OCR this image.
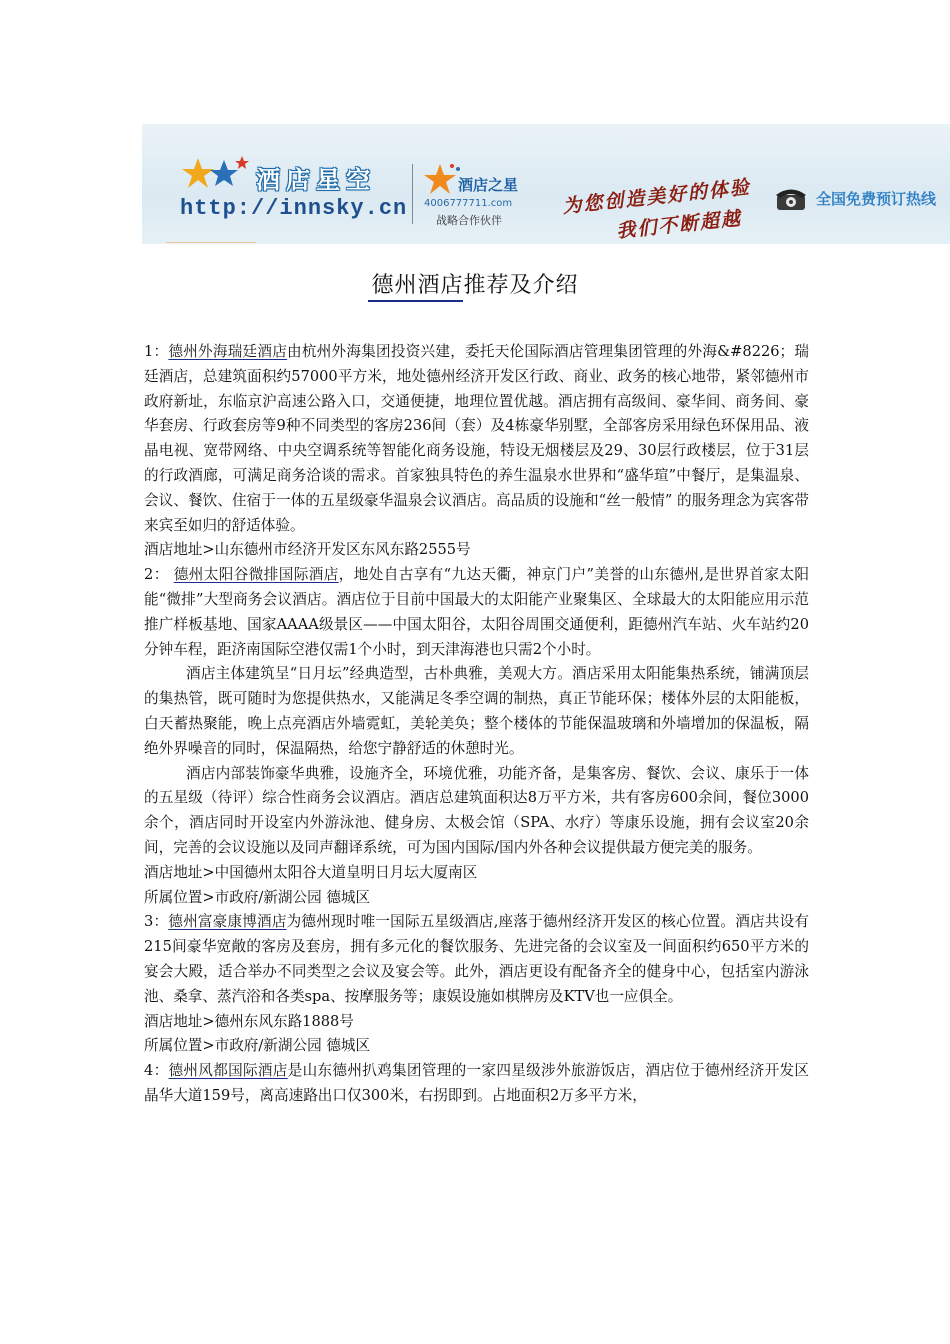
酒店星空
http://innsky.cn
酒店之星
4006777711.com
战略合作伙伴
为您创造美好的体验
我们不断超越
全国免费预订热线
德州酒店推荐及介绍

1：德州外海瑞廷酒店由杭州外海集团投资兴建，委托天伦国际酒店管理集团管理的外海&#8226；瑞廷酒店，总建筑面积约57000平方米，地处德州经济开发区行政、商业、政务的核心地带，紧邻德州市政府新址，东临京沪高速公路入口，交通便捷，地理位置优越。酒店拥有高级间、豪华间、商务间、豪华套房、行政套房等9种不同类型的客房236间（套）及4栋豪华别墅，全部客房采用绿色环保用品、液晶电视、宽带网络、中央空调系统等智能化商务设施，特设无烟楼层及29、30层行政楼层，位于31层的行政酒廊，可满足商务洽谈的需求。首家独具特色的养生温泉水世界和“盛华瑄”中餐厅，是集温泉、会议、餐饮、住宿于一体的五星级豪华温泉会议酒店。高品质的设施和“丝一般情” 的服务理念为宾客带来宾至如归的舒适体验。

酒店地址>山东德州市经济开发区东风东路2555号

2： 德州太阳谷微排国际酒店，地处自古享有“九达天衢，神京门户”美誉的山东德州,是世界首家太阳能“微排”大型商务会议酒店。酒店位于目前中国最大的太阳能产业聚集区、全球最大的太阳能应用示范推广样板基地、国家AAAA级景区——中国太阳谷，太阳谷周围交通便利，距德州汽车站、火车站约20分钟车程，距济南国际空港仅需1个小时，到天津海港也只需2个小时。

酒店主体建筑呈“日月坛”经典造型，古朴典雅，美观大方。酒店采用太阳能集热系统，铺满顶层的集热管，既可随时为您提供热水，又能满足冬季空调的制热，真正节能环保；楼体外层的太阳能板，白天蓄热聚能，晚上点亮酒店外墙霓虹，美轮美奂；整个楼体的节能保温玻璃和外墙增加的保温板，隔绝外界噪音的同时，保温隔热，给您宁静舒适的休憩时光。

酒店内部装饰豪华典雅，设施齐全，环境优雅，功能齐备，是集客房、餐饮、会议、康乐于一体的五星级（待评）综合性商务会议酒店。酒店总建筑面积达8万平方米，共有客房600余间，餐位3000余个，酒店同时开设室内外游泳池、健身房、太极会馆（SPA、水疗）等康乐设施，拥有会议室20余间，完善的会议设施以及同声翻译系统，可为国内国际/国内外各种会议提供最方便完美的服务。

酒店地址>中国德州太阳谷大道皇明日月坛大厦南区

所属位置>市政府/新湖公园 德城区

3：德州富豪康博酒店为德州现时唯一国际五星级酒店,座落于德州经济开发区的核心位置。酒店共设有215间豪华宽敞的客房及套房，拥有多元化的餐饮服务、先进完备的会议室及一间面积约650平方米的宴会大殿，适合举办不同类型之会议及宴会等。此外，酒店更设有配备齐全的健身中心，包括室内游泳池、桑拿、蒸汽浴和各类spa、按摩服务等；康娱设施如棋牌房及KTV也一应俱全。

酒店地址>德州东风东路1888号

所属位置>市政府/新湖公园 德城区

4：德州风都国际酒店是山东德州扒鸡集团管理的一家四星级涉外旅游饭店，酒店位于德州经济开发区晶华大道159号，离高速路出口仅300米，右拐即到。占地面积2万多平方米，
